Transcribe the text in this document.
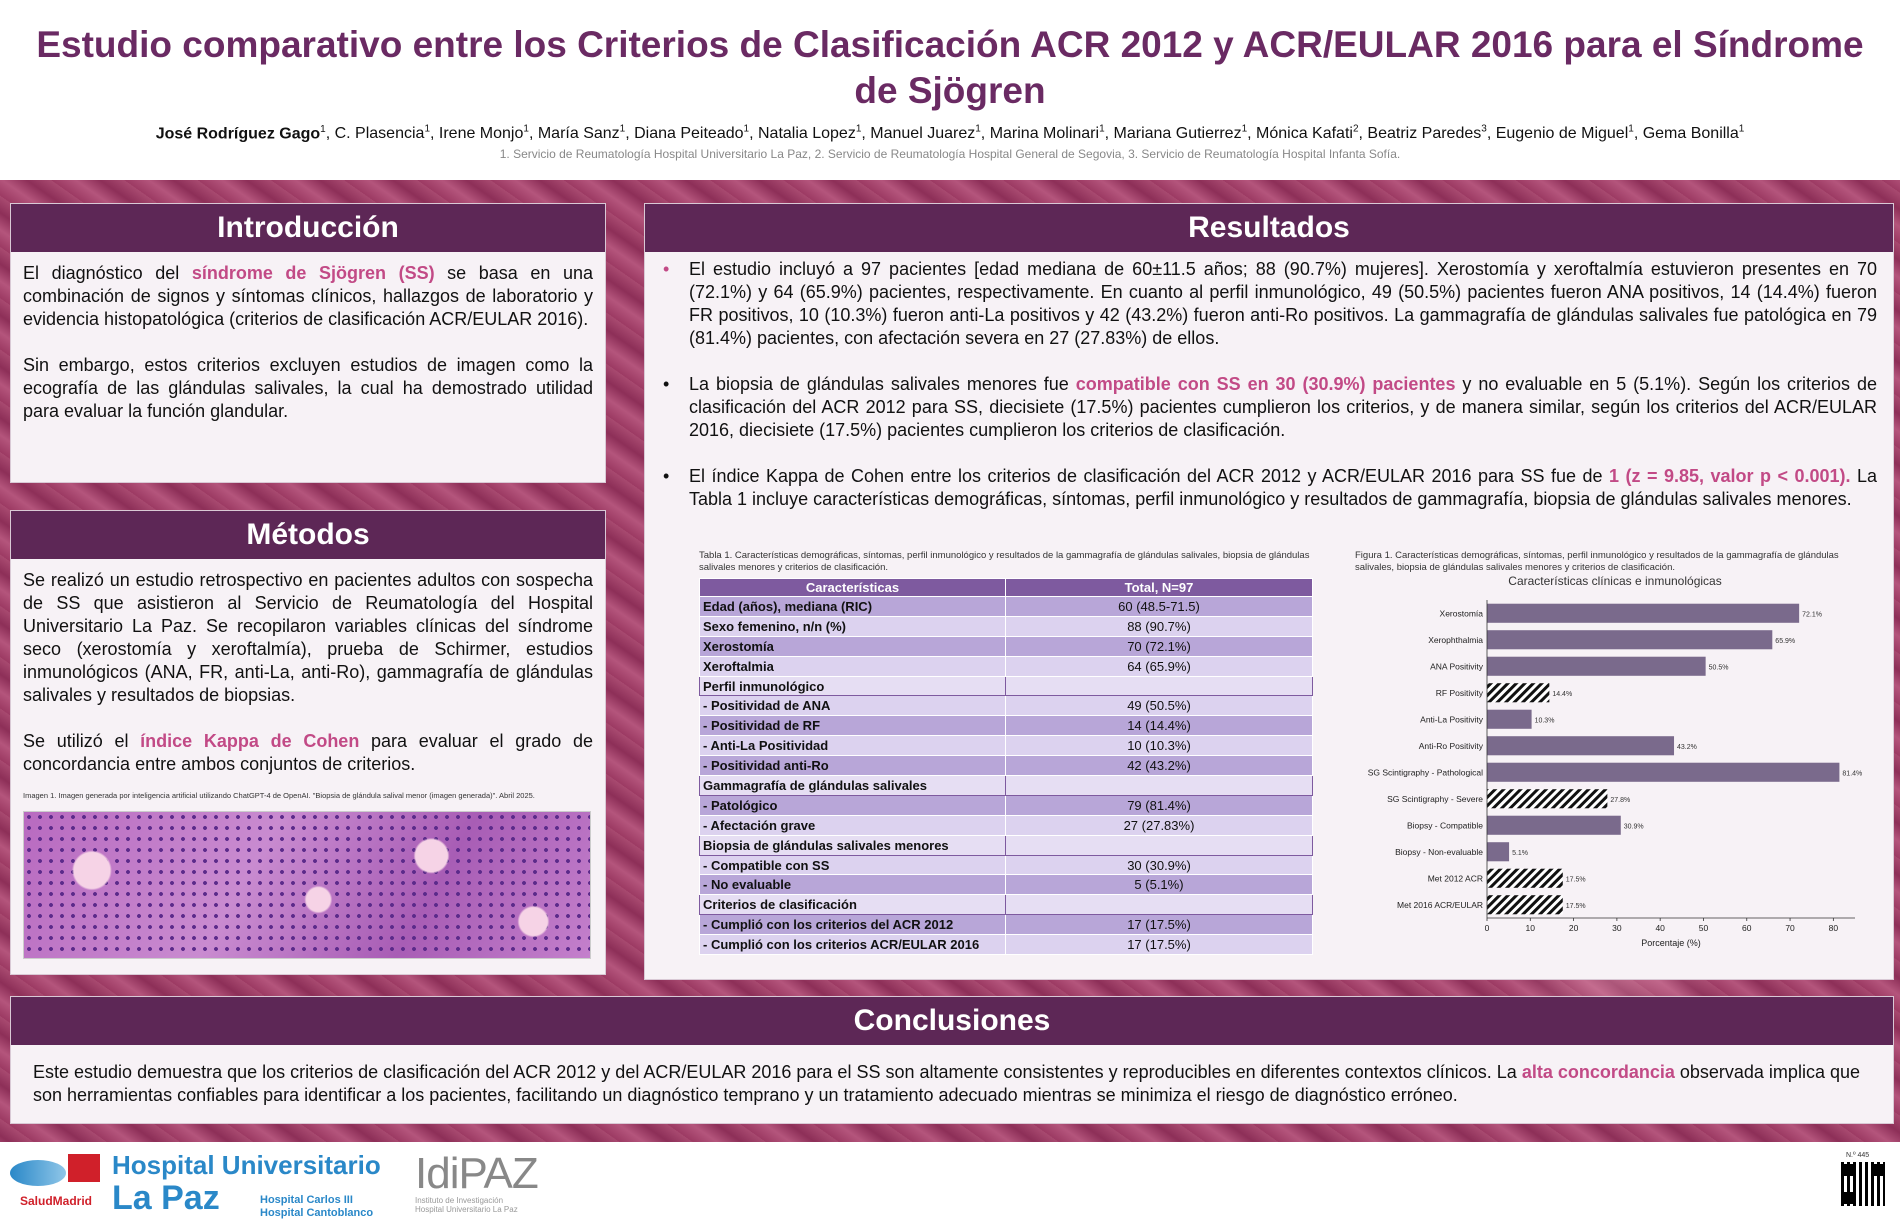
Estudio comparativo entre los Criterios de Clasificación ACR 2012 y ACR/EULAR 2016 para el Síndrome de Sjögren
José Rodríguez Gago$^1$, C. Plasencia$^1$, Irene Monjo$^1$, María Sanz$^1$, Diana Peiteado$^1$, Natalia Lopez$^1$, Manuel Juarez$^1$, Marina Molinari$^1$, Mariana Gutierrez$^1$, Mónica Kafati$^2$, Beatriz Paredes$^3$, Eugenio de Miguel$^1$, Gema Bonilla$^1$
1. Servicio de Reumatología Hospital Universitario La Paz, 2. Servicio de Reumatología Hospital General de Segovia, 3. Servicio de Reumatología Hospital Infanta Sofía.
Introducción

El diagnóstico del síndrome de Sjögren (SS) se basa en una combinación de signos y síntomas clínicos, hallazgos de laboratorio y evidencia histopatológica (criterios de clasificación ACR/EULAR 2016).

Sin embargo, estos criterios excluyen estudios de imagen como la ecografía de las glándulas salivales, la cual ha demostrado utilidad para evaluar la función glandular.

Métodos

Se realizó un estudio retrospectivo en pacientes adultos con sospecha de SS que asistieron al Servicio de Reumatología del Hospital Universitario La Paz. Se recopilaron variables clínicas del síndrome seco (xerostomía y xeroftalmía), prueba de Schirmer, estudios inmunológicos (ANA, FR, anti-La, anti-Ro), gammagrafía de glándulas salivales y resultados de biopsias.

Se utilizó el índice Kappa de Cohen para evaluar el grado de concordancia entre ambos conjuntos de criterios.

Imagen 1. Imagen generada por inteligencia artificial utilizando ChatGPT-4 de OpenAI. "Biopsia de glándula salival menor (imagen generada)". Abril 2025.
Resultados
• El estudio incluyó a 97 pacientes [edad mediana de 60±11.5 años; 88 (90.7%) mujeres]. Xerostomía y xeroftalmía estuvieron presentes en 70 (72.1%) y 64 (65.9%) pacientes, respectivamente. En cuanto al perfil inmunológico, 49 (50.5%) pacientes fueron ANA positivos, 14 (14.4%) fueron FR positivos, 10 (10.3%) fueron anti-La positivos y 42 (43.2%) fueron anti-Ro positivos. La gammagrafía de glándulas salivales fue patológica en 79 (81.4%) pacientes, con afectación severa en 27 (27.83%) de ellos.
• La biopsia de glándulas salivales menores fue compatible con SS en 30 (30.9%) pacientes y no evaluable en 5 (5.1%). Según los criterios de clasificación del ACR 2012 para SS, diecisiete (17.5%) pacientes cumplieron los criterios, y de manera similar, según los criterios del ACR/EULAR 2016, diecisiete (17.5%) pacientes cumplieron los criterios de clasificación.
• El índice Kappa de Cohen entre los criterios de clasificación del ACR 2012 y ACR/EULAR 2016 para SS fue de 1 (z = 9.85, valor p < 0.001). La Tabla 1 incluye características demográficas, síntomas, perfil inmunológico y resultados de gammagrafía, biopsia de glándulas salivales menores.
Tabla 1. Características demográficas, síntomas, perfil inmunológico y resultados de la gammagrafía de glándulas salivales, biopsia de glándulas salivales menores y criterios de clasificación.
Características	Total, N=97
Edad (años), mediana (RIC)	60 (48.5-71.5)
Sexo femenino, n/n (%)	88 (90.7%)
Xerostomía	70 (72.1%)
Xeroftalmia	64 (65.9%)
Perfil inmunológico	
- Positividad de ANA	49 (50.5%)
- Positividad de RF	14 (14.4%)
- Anti-La Positividad	10 (10.3%)
- Positividad anti-Ro	42 (43.2%)
Gammagrafía de glándulas salivales	
- Patológico	79 (81.4%)
- Afectación grave	27 (27.83%)
Biopsia de glándulas salivales menores	
- Compatible con SS	30 (30.9%)
- No evaluable	5 (5.1%)
Criterios de clasificación	
- Cumplió con los criterios del ACR 2012	17 (17.5%)
- Cumplió con los criterios ACR/EULAR 2016	17 (17.5%)
Figura 1. Características demográficas, síntomas, perfil inmunológico y resultados de la gammagrafía de glándulas salivales, biopsia de glándulas salivales menores y criterios de clasificación.
Características clínicas e inmunológicas
Xerostomía	72.1%
Xerophthalmia	65.9%
ANA Positivity	50.5%
RF Positivity	14.4%
Anti-La Positivity	10.3%
Anti-Ro Positivity	43.2%
SG Scintigraphy - Pathological	81.4%
SG Scintigraphy - Severe	27.8%
Biopsy - Compatible	30.9%
Biopsy - Non-evaluable	5.1%
Met 2012 ACR	17.5%
Met 2016 ACR/EULAR	17.5%
0	10	20	30	40	50	60	70	80
Porcentaje (%)
Conclusiones
Este estudio demuestra que los criterios de clasificación del ACR 2012 y del ACR/EULAR 2016 para el SS son altamente consistentes y reproducibles en diferentes contextos clínicos. La alta concordancia observada implica que son herramientas confiables para identificar a los pacientes, facilitando un diagnóstico temprano y un tratamiento adecuado mientras se minimiza el riesgo de diagnóstico erróneo.
SaludMadrid
Hospital Universitario
La Paz	Hospital Carlos III
Hospital Cantoblanco
IdiPAZ
Instituto de Investigación
Hospital Universitario La Paz
N.º 445
